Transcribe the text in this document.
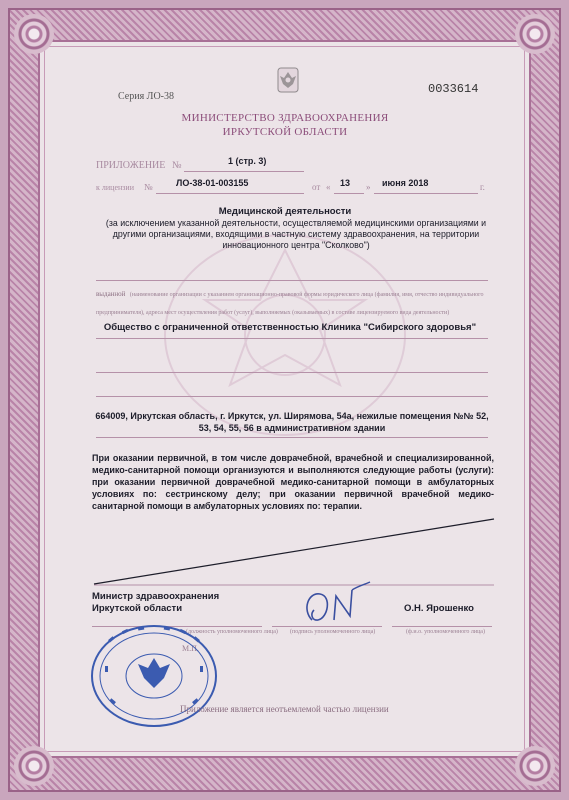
Серия ЛО-38
0033614
МИНИСТЕРСТВО ЗДРАВООХРАНЕНИЯ
ИРКУТСКОЙ ОБЛАСТИ
ПРИЛОЖЕНИЕ №	1 (стр. 3)
к лицензии №	ЛО-38-01-003155	от « 13 » июня 2018	г.
Медицинской деятельности
(за исключением указанной деятельности, осуществляемой медицинскими организациями и другими организациями, входящими в частную систему здравоохранения, на территории инновационного центра "Сколково")
выданной (наименование организации с указанием организационно-правовой формы юридического лица (фамилия, имя, отчество индивидуального предпринимателя), адреса мест осуществления работ (услуг), выполняемых (оказываемых) в составе лицензируемого вида деятельности)
Общество с ограниченной ответственностью Клиника "Сибирского здоровья"
664009, Иркутская область, г. Иркутск, ул. Ширямова, 54а, нежилые помещения №№ 52, 53, 54, 55, 56 в административном здании
При оказании первичной, в том числе доврачебной, врачебной и специализированной, медико-санитарной помощи организуются и выполняются следующие работы (услуги): при оказании первичной доврачебной медико-санитарной помощи в амбулаторных условиях по: сестринскому делу; при оказании первичной врачебной медико-санитарной помощи в амбулаторных условиях по: терапии.
Министр здравоохранения
Иркутской области	О.Н. Ярошенко
(должность уполномоченного лица) (подпись уполномоченного лица)	(ф.и.о. уполномоченного лица)
М.П.
Приложение является неотъемлемой частью лицензии
